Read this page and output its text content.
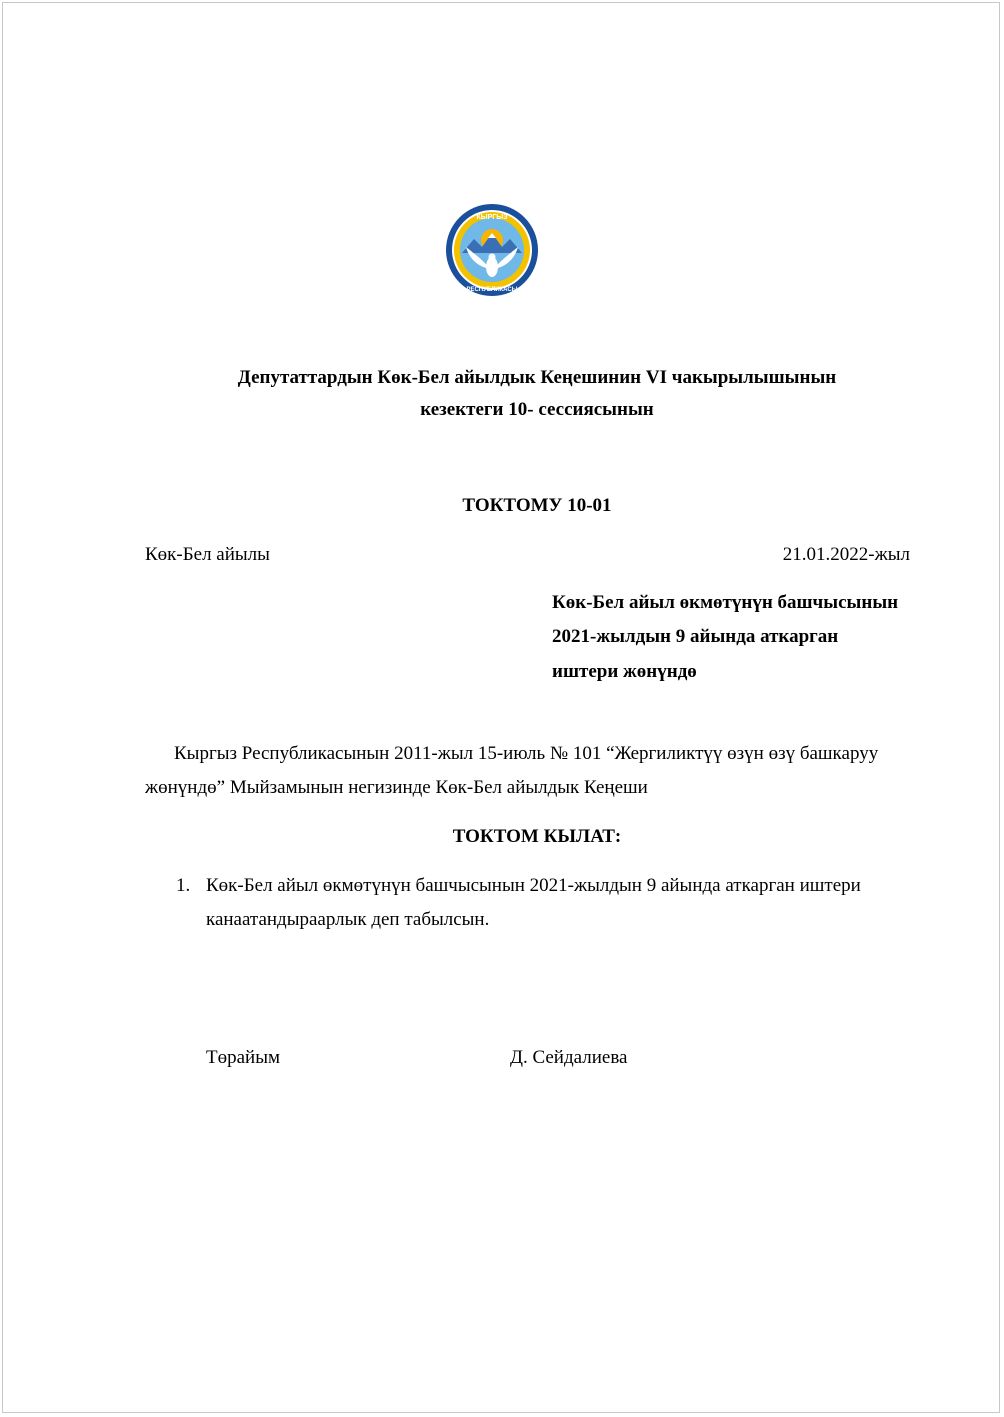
КЫРГЫЗ
РЕСПУБЛИКАСЫ
Депутаттардын Көк-Бел айылдык Кеңешинин VI чакырылышынын
кезектеги 10- сессиясынын
ТОКТОМУ 10-01
Көк-Бел айылы	21.01.2022-жыл
Көк-Бел айыл өкмөтүнүн башчысынын
2021-жылдын 9 айында аткарган
иштери жөнүндө
Кыргыз Республикасынын 2011-жыл 15-июль № 101 “Жергиликтүү өзүн өзү башкаруу
жөнүндө” Мыйзамынын негизинде Көк-Бел айылдык Кеңеши
ТОКТОМ КЫЛАТ:
1. Көк-Бел айыл өкмөтүнүн башчысынын 2021-жылдын 9 айында аткарган иштери
канаатандыраарлык деп табылсын.
Төрайым	Д. Сейдалиева
